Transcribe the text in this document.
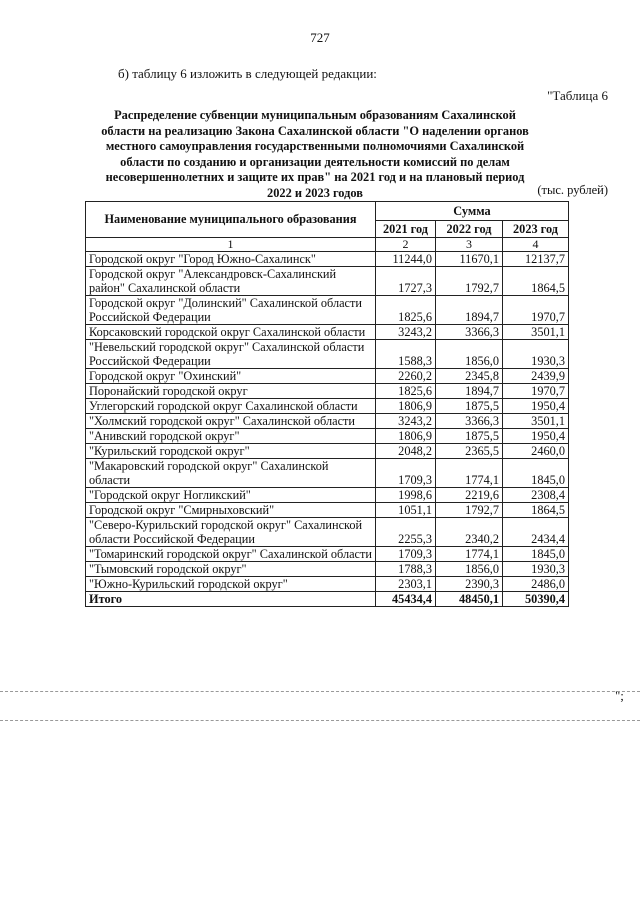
727
б) таблицу 6 изложить в следующей редакции:
"Таблица 6
Распределение субвенции муниципальным образованиям Сахалинской области на реализацию Закона Сахалинской области "О наделении органов местного самоуправления государственными полномочиями Сахалинской области по созданию и организации деятельности комиссий по делам несовершеннолетних и защите их прав" на 2021 год и на плановый период 2022 и 2023 годов	(тыс. рублей)
Наименование муниципального образования	Сумма		
	2021 год	2022 год	2023 год
1	2	3	4
Городской округ "Город Южно-Сахалинск"	11244,0	11670,1	12137,7
Городской округ "Александровск-Сахалинский район" Сахалинской области	1727,3	1792,7	1864,5
Городской округ "Долинский" Сахалинской области Российской Федерации	1825,6	1894,7	1970,7
Корсаковский городской округ Сахалинской области	3243,2	3366,3	3501,1
"Невельский городской округ" Сахалинской области Российской Федерации	1588,3	1856,0	1930,3
Городской округ "Охинский"	2260,2	2345,8	2439,9
Поронайский городской округ	1825,6	1894,7	1970,7
Углегорский городской округ Сахалинской области	1806,9	1875,5	1950,4
"Холмский городской округ" Сахалинской области	3243,2	3366,3	3501,1
"Анивский городской округ"	1806,9	1875,5	1950,4
"Курильский городской округ"	2048,2	2365,5	2460,0
"Макаровский городской округ" Сахалинской области	1709,3	1774,1	1845,0
"Городской округ Ногликский"	1998,6	2219,6	2308,4
Городской округ "Смирныховский"	1051,1	1792,7	1864,5
"Северо-Курильский городской округ" Сахалинской области Российской Федерации	2255,3	2340,2	2434,4
"Томаринский городской округ" Сахалинской области	1709,3	1774,1	1845,0
"Тымовский городской округ"	1788,3	1856,0	1930,3
"Южно-Курильский городской округ"	2303,1	2390,3	2486,0
Итого	45434,4	48450,1	50390,4
";
